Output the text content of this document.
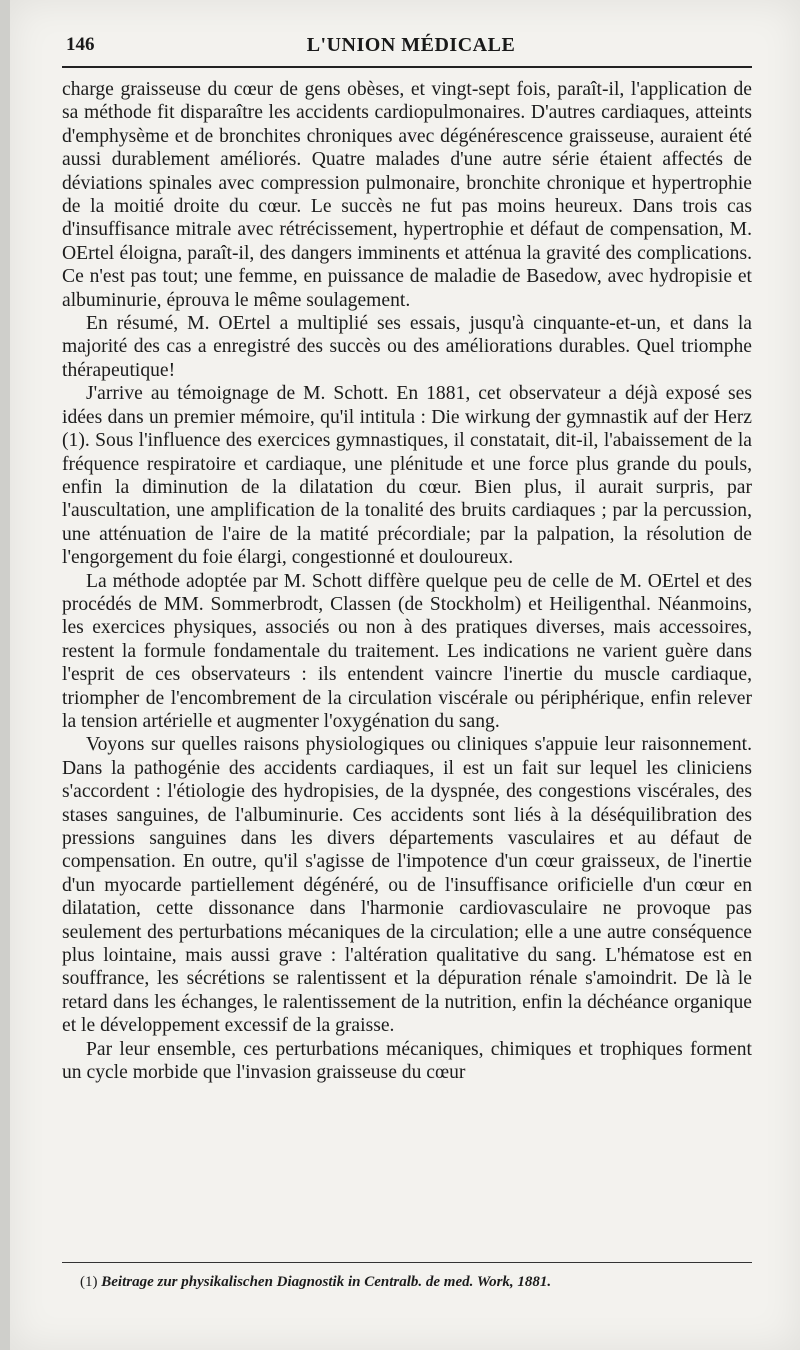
146	L'UNION MÉDICALE

charge graisseuse du cœur de gens obèses, et vingt-sept fois, paraît-il, l'application de sa méthode fit disparaître les accidents cardiopulmonaires. D'autres cardiaques, atteints d'emphysème et de bronchites chroniques avec dégénérescence graisseuse, auraient été aussi durablement améliorés. Quatre malades d'une autre série étaient affectés de déviations spinales avec compression pulmonaire, bronchite chronique et hypertrophie de la moitié droite du cœur. Le succès ne fut pas moins heureux. Dans trois cas d'insuffisance mitrale avec rétrécissement, hypertrophie et défaut de compensation, M. OErtel éloigna, paraît-il, des dangers imminents et atténua la gravité des complications. Ce n'est pas tout; une femme, en puissance de maladie de Basedow, avec hydropisie et albuminurie, éprouva le même soulagement.

En résumé, M. OErtel a multiplié ses essais, jusqu'à cinquante-et-un, et dans la majorité des cas a enregistré des succès ou des améliorations durables. Quel triomphe thérapeutique!

J'arrive au témoignage de M. Schott. En 1881, cet observateur a déjà exposé ses idées dans un premier mémoire, qu'il intitula : Die wirkung der gymnastik auf der Herz (1). Sous l'influence des exercices gymnastiques, il constatait, dit-il, l'abaissement de la fréquence respiratoire et cardiaque, une plénitude et une force plus grande du pouls, enfin la diminution de la dilatation du cœur. Bien plus, il aurait surpris, par l'auscultation, une amplification de la tonalité des bruits cardiaques ; par la percussion, une atténuation de l'aire de la matité précordiale; par la palpation, la résolution de l'engorgement du foie élargi, congestionné et douloureux.

La méthode adoptée par M. Schott diffère quelque peu de celle de M. OErtel et des procédés de MM. Sommerbrodt, Classen (de Stockholm) et Heiligenthal. Néanmoins, les exercices physiques, associés ou non à des pratiques diverses, mais accessoires, restent la formule fondamentale du traitement. Les indications ne varient guère dans l'esprit de ces observateurs : ils entendent vaincre l'inertie du muscle cardiaque, triompher de l'encombrement de la circulation viscérale ou périphérique, enfin relever la tension artérielle et augmenter l'oxygénation du sang.

Voyons sur quelles raisons physiologiques ou cliniques s'appuie leur raisonnement. Dans la pathogénie des accidents cardiaques, il est un fait sur lequel les cliniciens s'accordent : l'étiologie des hydropisies, de la dyspnée, des congestions viscérales, des stases sanguines, de l'albuminurie. Ces accidents sont liés à la déséquilibration des pressions sanguines dans les divers départements vasculaires et au défaut de compensation. En outre, qu'il s'agisse de l'impotence d'un cœur graisseux, de l'inertie d'un myocarde partiellement dégénéré, ou de l'insuffisance orificielle d'un cœur en dilatation, cette dissonance dans l'harmonie cardiovasculaire ne provoque pas seulement des perturbations mécaniques de la circulation; elle a une autre conséquence plus lointaine, mais aussi grave : l'altération qualitative du sang. L'hématose est en souffrance, les sécrétions se ralentissent et la dépuration rénale s'amoindrit. De là le retard dans les échanges, le ralentissement de la nutrition, enfin la déchéance organique et le développement excessif de la graisse.

Par leur ensemble, ces perturbations mécaniques, chimiques et trophiques forment un cycle morbide que l'invasion graisseuse du cœur

(1) Beitrage zur physikalischen Diagnostik in Centralb. de med. Work, 1881.
